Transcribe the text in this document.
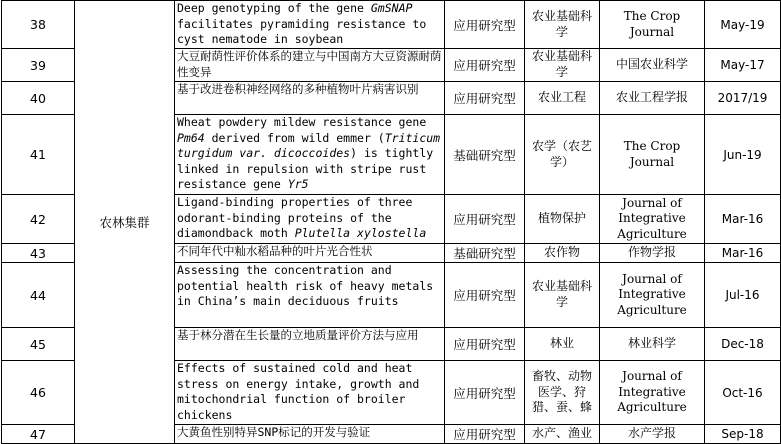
38	农林集群	Deep genotyping of the gene GmSNAP facilitates pyramiding resistance to cyst nematode in soybean	应用研究型	农业基础科学	The Crop Journal	May-19
39		大豆耐荫性评价体系的建立与中国南方大豆资源耐荫性变异	应用研究型	农业基础科学	中国农业科学	May-17
40		基于改进卷积神经网络的多种植物叶片病害识别	应用研究型	农业工程	农业工程学报	2017/19
41		Wheat powdery mildew resistance gene Pm64 derived from wild emmer (Triticum turgidum var. dicoccoides) is tightly linked in repulsion with stripe rust resistance gene Yr5	基础研究型	农学（农艺学）	The Crop Journal	Jun-19
42		Ligand-binding properties of three odorant-binding proteins of the diamondback moth Plutella xylostella	应用研究型	植物保护	Journal of Integrative Agriculture	Mar-16
43		不同年代中籼水稻品种的叶片光合性状	基础研究型	农作物	作物学报	Mar-16
44		Assessing the concentration and potential health risk of heavy metals in China’s main deciduous fruits	应用研究型	农业基础科学	Journal of Integrative Agriculture	Jul-16
45		基于林分潜在生长量的立地质量评价方法与应用	应用研究型	林业	林业科学	Dec-18
46		Effects of sustained cold and heat stress on energy intake, growth and mitochondrial function of broiler chickens	应用研究型	畜牧、动物医学、狩猎、蚕、蜂	Journal of Integrative Agriculture	Oct-16
47		大黄鱼性别特异SNP标记的开发与验证	应用研究型	水产、渔业	水产学报	Sep-18
